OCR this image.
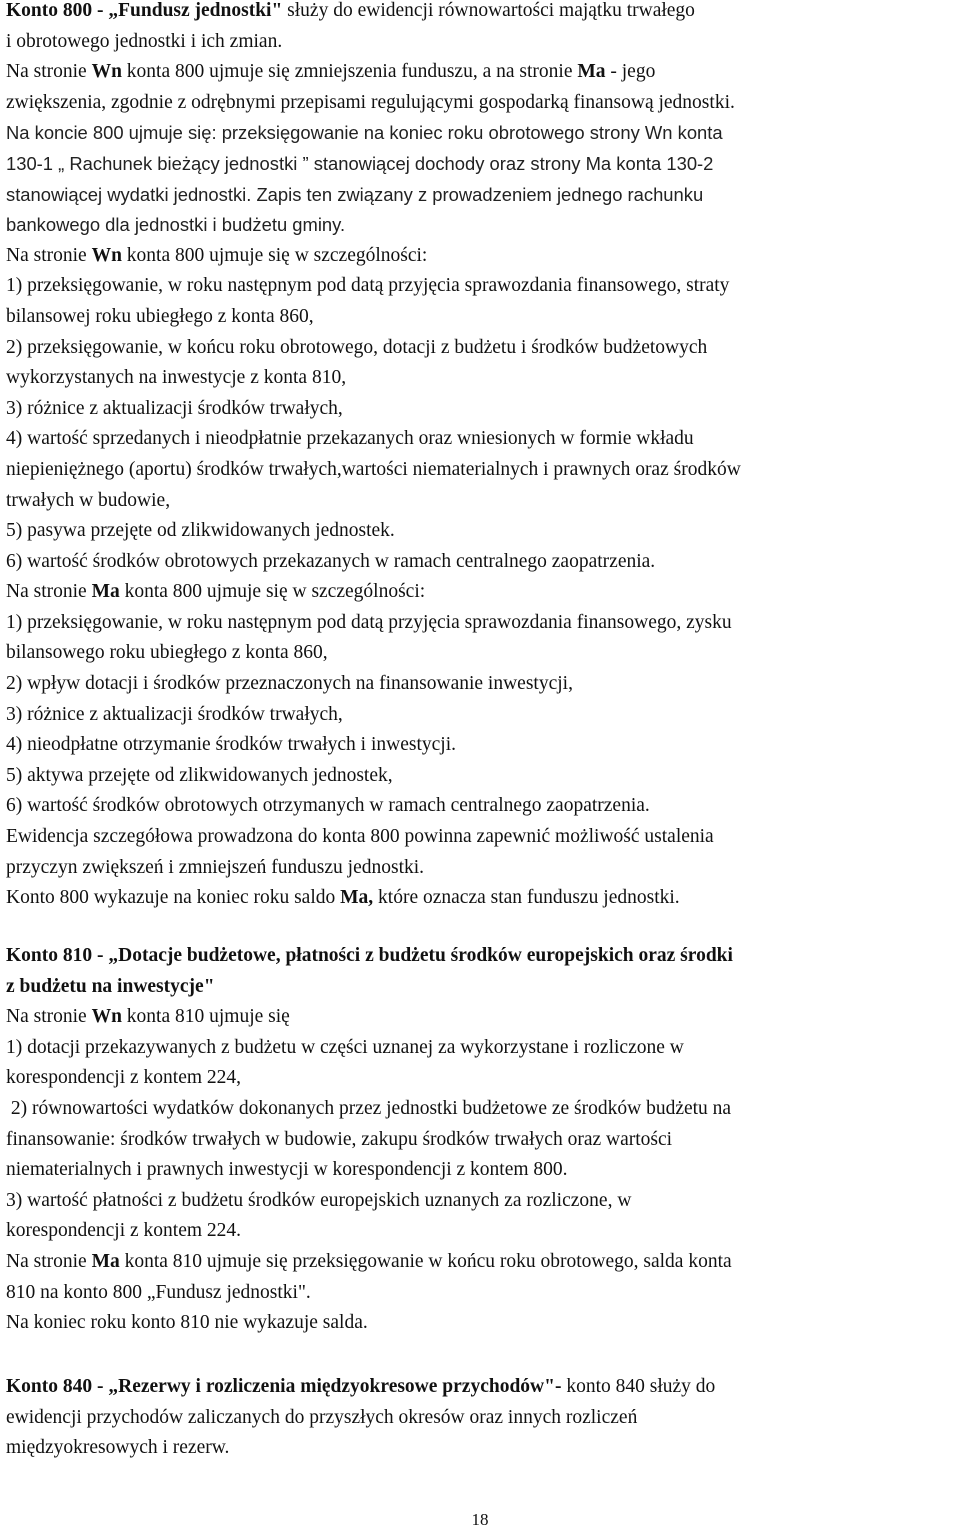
Konto 800 - „Fundusz jednostki" służy do ewidencji równowartości majątku trwałego
i obrotowego jednostki i ich zmian.
Na stronie Wn konta 800 ujmuje się zmniejszenia funduszu, a na stronie Ma - jego
zwiększenia, zgodnie z odrębnymi przepisami regulującymi gospodarką finansową jednostki.
Na koncie 800 ujmuje się: przeksięgowanie na koniec roku obrotowego strony Wn konta
130-1 „ Rachunek bieżący jednostki ” stanowiącej dochody oraz strony Ma konta 130-2
stanowiącej wydatki jednostki. Zapis ten związany z prowadzeniem jednego rachunku
bankowego dla jednostki i budżetu gminy.
Na stronie Wn konta 800 ujmuje się w szczególności:
1) przeksięgowanie, w roku następnym pod datą przyjęcia sprawozdania finansowego, straty
bilansowej roku ubiegłego z konta 860,
2) przeksięgowanie, w końcu roku obrotowego, dotacji z budżetu i środków budżetowych
wykorzystanych na inwestycje z konta 810,
3) różnice z aktualizacji środków trwałych,
4) wartość sprzedanych i nieodpłatnie przekazanych oraz wniesionych w formie wkładu
niepieniężnego (aportu) środków trwałych,wartości niematerialnych i prawnych oraz środków
trwałych w budowie,
5) pasywa przejęte od zlikwidowanych jednostek.
6) wartość środków obrotowych przekazanych w ramach centralnego zaopatrzenia.
Na stronie Ma konta 800 ujmuje się w szczególności:
1) przeksięgowanie, w roku następnym pod datą przyjęcia sprawozdania finansowego, zysku
bilansowego roku ubiegłego z konta 860,
2) wpływ dotacji i środków przeznaczonych na finansowanie inwestycji,
3) różnice z aktualizacji środków trwałych,
4) nieodpłatne otrzymanie środków trwałych i inwestycji.
5) aktywa przejęte od zlikwidowanych jednostek,
6) wartość środków obrotowych otrzymanych w ramach centralnego zaopatrzenia.
Ewidencja szczegółowa prowadzona do konta 800 powinna zapewnić możliwość ustalenia
przyczyn zwiększeń i zmniejszeń funduszu jednostki.
Konto 800 wykazuje na koniec roku saldo Ma, które oznacza stan funduszu jednostki.
Konto 810 - „Dotacje budżetowe, płatności z budżetu środków europejskich oraz środki
z budżetu na inwestycje"
Na stronie Wn konta 810 ujmuje się
1) dotacji przekazywanych z budżetu w części uznanej za wykorzystane i rozliczone w
korespondencji z kontem 224,
2) równowartości wydatków dokonanych przez jednostki budżetowe ze środków budżetu na
finansowanie: środków trwałych w budowie, zakupu środków trwałych oraz wartości
niematerialnych i prawnych inwestycji w korespondencji z kontem 800.
3) wartość płatności z budżetu środków europejskich uznanych za rozliczone, w
korespondencji z kontem 224.
Na stronie Ma konta 810 ujmuje się przeksięgowanie w końcu roku obrotowego, salda konta
810 na konto 800 „Fundusz jednostki".
Na koniec roku konto 810 nie wykazuje salda.
Konto 840 - „Rezerwy i rozliczenia międzyokresowe przychodów"- konto 840 służy do
ewidencji przychodów zaliczanych do przyszłych okresów oraz innych rozliczeń
międzyokresowych i rezerw.
18
